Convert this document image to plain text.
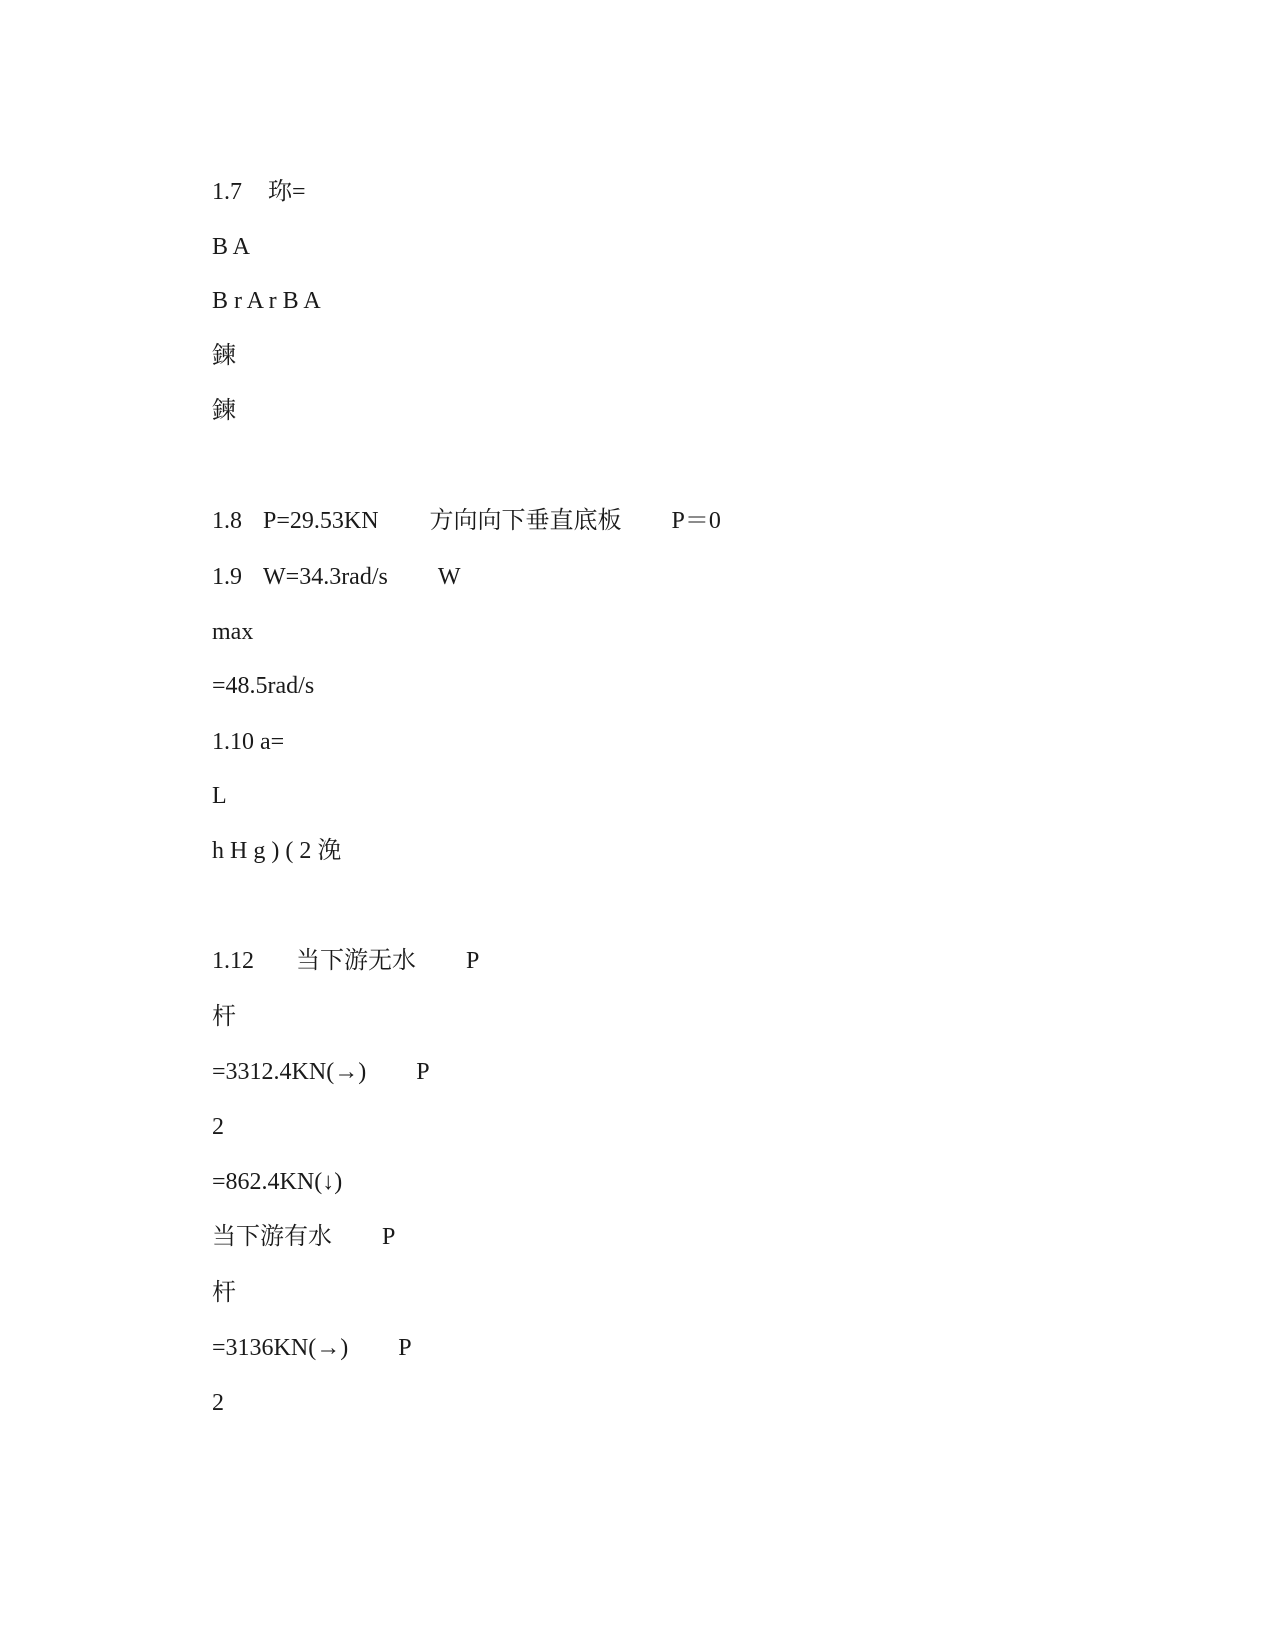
1.7 珎=

B A

B r A r B A

鍊

鍊

1.8 P=29.53KN 方向向下垂直底板 P＝0

1.9 W=34.3rad/s W

max

=48.5rad/s

1.10 a=

L

h H g ) ( 2 浼

1.12 当下游无水 P

杆

=3312.4KN(→) P

2

=862.4KN(↓)

当下游有水 P

杆

=3136KN(→) P

2
